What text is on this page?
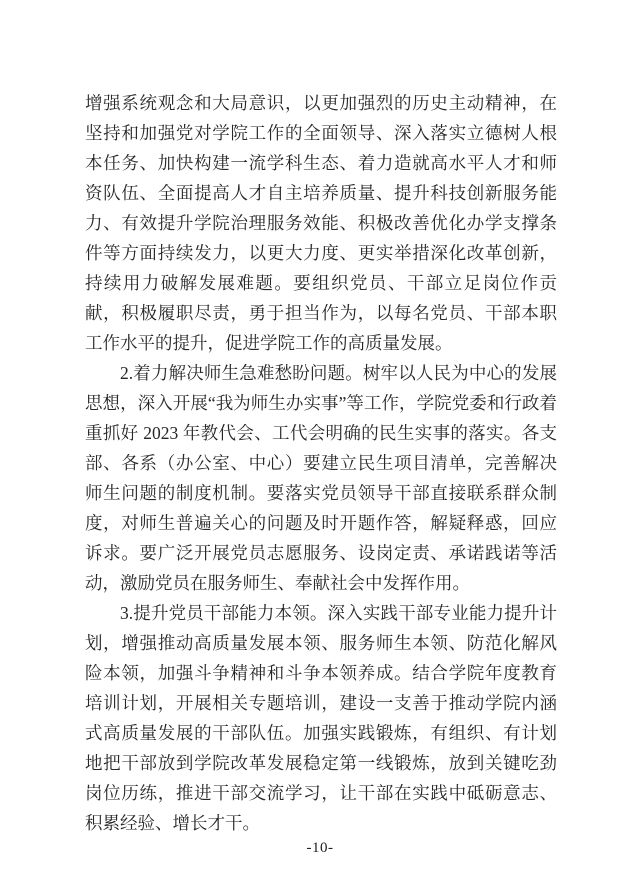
增强系统观念和大局意识，以更加强烈的历史主动精神，在坚持和加强党对学院工作的全面领导、深入落实立德树人根本任务、加快构建一流学科生态、着力造就高水平人才和师资队伍、全面提高人才自主培养质量、提升科技创新服务能力、有效提升学院治理服务效能、积极改善优化办学支撑条件等方面持续发力，以更大力度、更实举措深化改革创新，持续用力破解发展难题。要组织党员、干部立足岗位作贡献，积极履职尽责，勇于担当作为，以每名党员、干部本职工作水平的提升，促进学院工作的高质量发展。

2.着力解决师生急难愁盼问题。树牢以人民为中心的发展思想，深入开展“我为师生办实事”等工作，学院党委和行政着重抓好 2023 年教代会、工代会明确的民生实事的落实。各支部、各系（办公室、中心）要建立民生项目清单，完善解决师生问题的制度机制。要落实党员领导干部直接联系群众制度，对师生普遍关心的问题及时开题作答，解疑释惑，回应诉求。要广泛开展党员志愿服务、设岗定责、承诺践诺等活动，激励党员在服务师生、奉献社会中发挥作用。

3.提升党员干部能力本领。深入实践干部专业能力提升计划，增强推动高质量发展本领、服务师生本领、防范化解风险本领，加强斗争精神和斗争本领养成。结合学院年度教育培训计划，开展相关专题培训，建设一支善于推动学院内涵式高质量发展的干部队伍。加强实践锻炼，有组织、有计划地把干部放到学院改革发展稳定第一线锻炼，放到关键吃劲岗位历练，推进干部交流学习，让干部在实践中砥砺意志、积累经验、增长才干。

-10-
